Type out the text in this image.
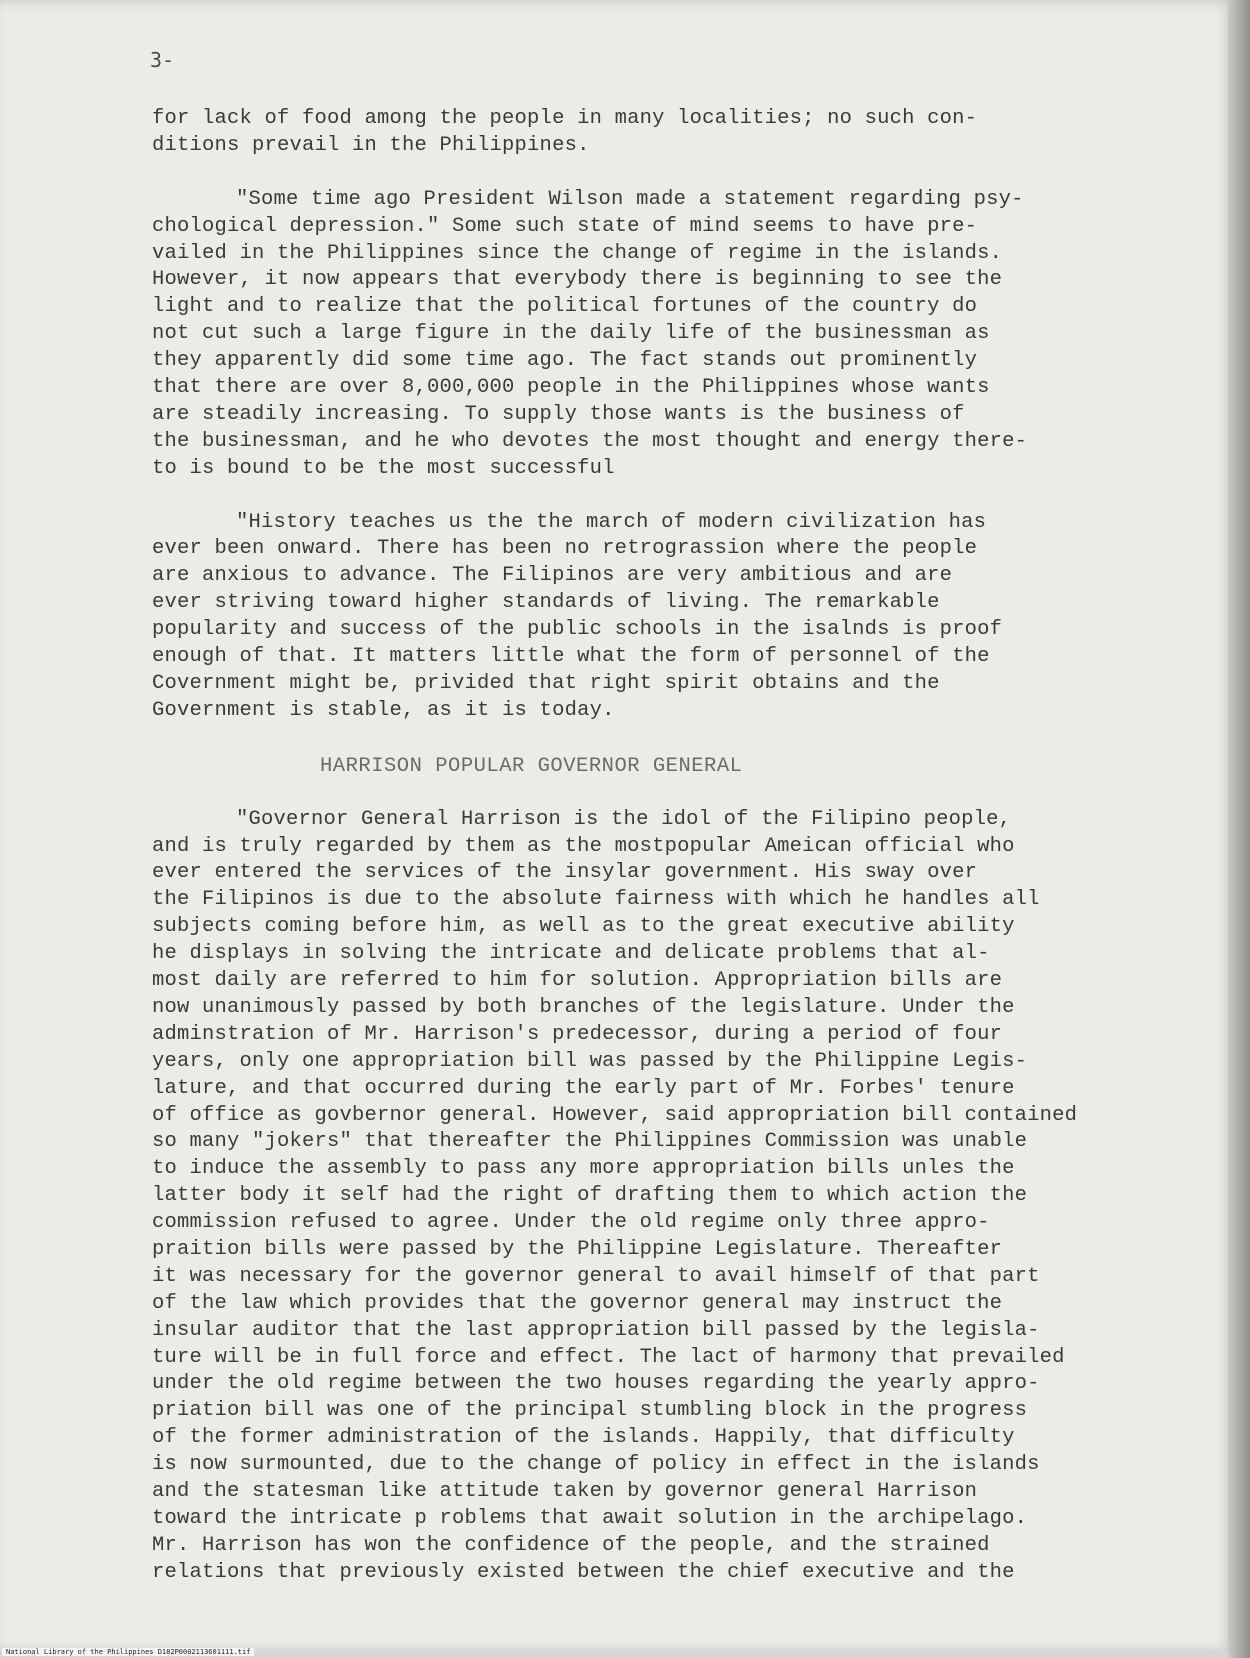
3-
for lack of food among the people in many localities; no such con-
ditions prevail in the Philippines.
"Some time ago President Wilson made a statement regarding psy-
chological depression." Some such state of mind seems to have pre-
vailed in the Philippines since the change of regime in the islands.
However, it now appears that everybody there is beginning to see the
light and to realize that the political fortunes of the country do
not cut such a large figure in the daily life of the businessman as
they apparently did some time ago. The fact stands out prominently
that there are over 8,000,000 people in the Philippines whose wants
are steadily increasing. To supply those wants is the business of
the businessman, and he who devotes the most thought and energy there-
to is bound to be the most successful
"History teaches us the the march of modern civilization has
ever been onward. There has been no retrograssion where the people
are anxious to advance. The Filipinos are very ambitious and are
ever striving toward higher standards of living. The remarkable
popularity and success of the public schools in the isalnds is proof
enough of that. It matters little what the form of personnel of the
Covernment might be, privided that right spirit obtains and the
Government is stable, as it is today.
HARRISON POPULAR GOVERNOR GENERAL
"Governor General Harrison is the idol of the Filipino people,
and is truly regarded by them as the mostpopular Ameican official who
ever entered the services of the insylar government. His sway over
the Filipinos is due to the absolute fairness with which he handles all
subjects coming before him, as well as to the great executive ability
he displays in solving the intricate and delicate problems that al-
most daily are referred to him for solution. Appropriation bills are
now unanimously passed by both branches of the legislature. Under the
adminstration of Mr. Harrison's predecessor, during a period of four
years, only one appropriation bill was passed by the Philippine Legis-
lature, and that occurred during the early part of Mr. Forbes' tenure
of office as govbernor general. However, said appropriation bill contained
so many "jokers" that thereafter the Philippines Commission was unable
to induce the assembly to pass any more appropriation bills unles the
latter body it self had the right of drafting them to which action the
commission refused to agree. Under the old regime only three appro-
praition bills were passed by the Philippine Legislature. Thereafter
it was necessary for the governor general to avail himself of that part
of the law which provides that the governor general may instruct the
insular auditor that the last appropriation bill passed by the legisla-
ture will be in full force and effect. The lact of harmony that prevailed
under the old regime between the two houses regarding the yearly appro-
priation bill was one of the principal stumbling block in the progress
of the former administration of the islands. Happily, that difficulty
is now surmounted, due to the change of policy in effect in the islands
and the statesman like attitude taken by governor general Harrison
toward the intricate p roblems that await solution in the archipelago.
Mr. Harrison has won the confidence of the people, and the strained
relations that previously existed between the chief executive and the
National Library of the Philippines D182P0002113601111.tif
